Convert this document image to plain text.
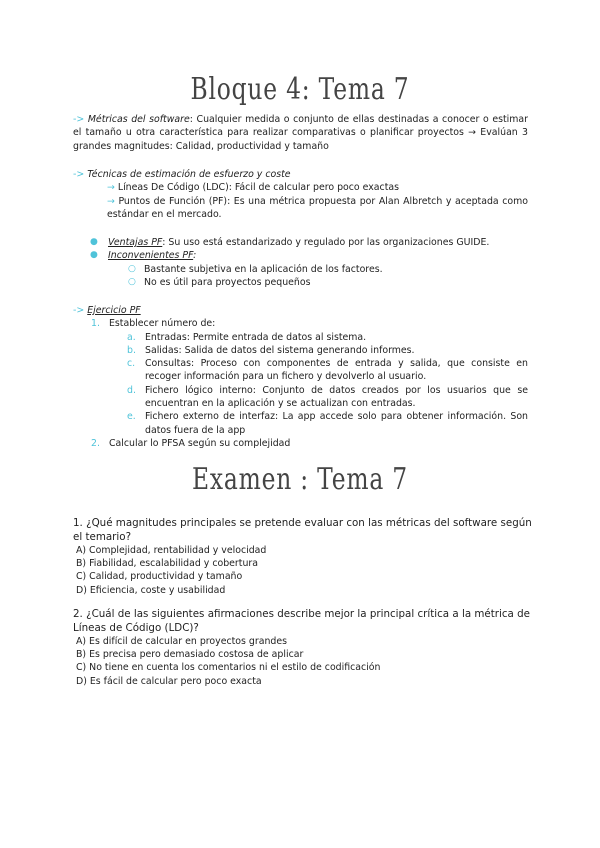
Bloque 4: Tema 7
-> Métricas del software: Cualquier medida o conjunto de ellas destinadas a conocer o estimar el tamaño u otra característica para realizar comparativas o planificar proyectos → Evalúan 3 grandes magnitudes: Calidad, productividad y tamaño
-> Técnicas de estimación de esfuerzo y coste
→ Líneas De Código (LDC): Fácil de calcular pero poco exactas
→ Puntos de Función (PF): Es una métrica propuesta por Alan Albretch y aceptada como estándar en el mercado.
● Ventajas PF: Su uso está estandarizado y regulado por las organizaciones GUIDE.
● Inconvenientes PF:
○ Bastante subjetiva en la aplicación de los factores.
○ No es útil para proyectos pequeños
-> Ejercicio PF
1. Establecer número de:
a. Entradas: Permite entrada de datos al sistema.
b. Salidas: Salida de datos del sistema generando informes.
c. Consultas: Proceso con componentes de entrada y salida, que consiste en recoger información para un fichero y devolverlo al usuario.
d. Fichero lógico interno: Conjunto de datos creados por los usuarios que se encuentran en la aplicación y se actualizan con entradas.
e. Fichero externo de interfaz: La app accede solo para obtener información. Son datos fuera de la app
2. Calcular lo PFSA según su complejidad
Examen : Tema 7
1. ¿Qué magnitudes principales se pretende evaluar con las métricas del software según el temario?
A) Complejidad, rentabilidad y velocidad
B) Fiabilidad, escalabilidad y cobertura
C) Calidad, productividad y tamaño
D) Eficiencia, coste y usabilidad
2. ¿Cuál de las siguientes afirmaciones describe mejor la principal crítica a la métrica de Líneas de Código (LDC)?
A) Es difícil de calcular en proyectos grandes
B) Es precisa pero demasiado costosa de aplicar
C) No tiene en cuenta los comentarios ni el estilo de codificación
D) Es fácil de calcular pero poco exacta
